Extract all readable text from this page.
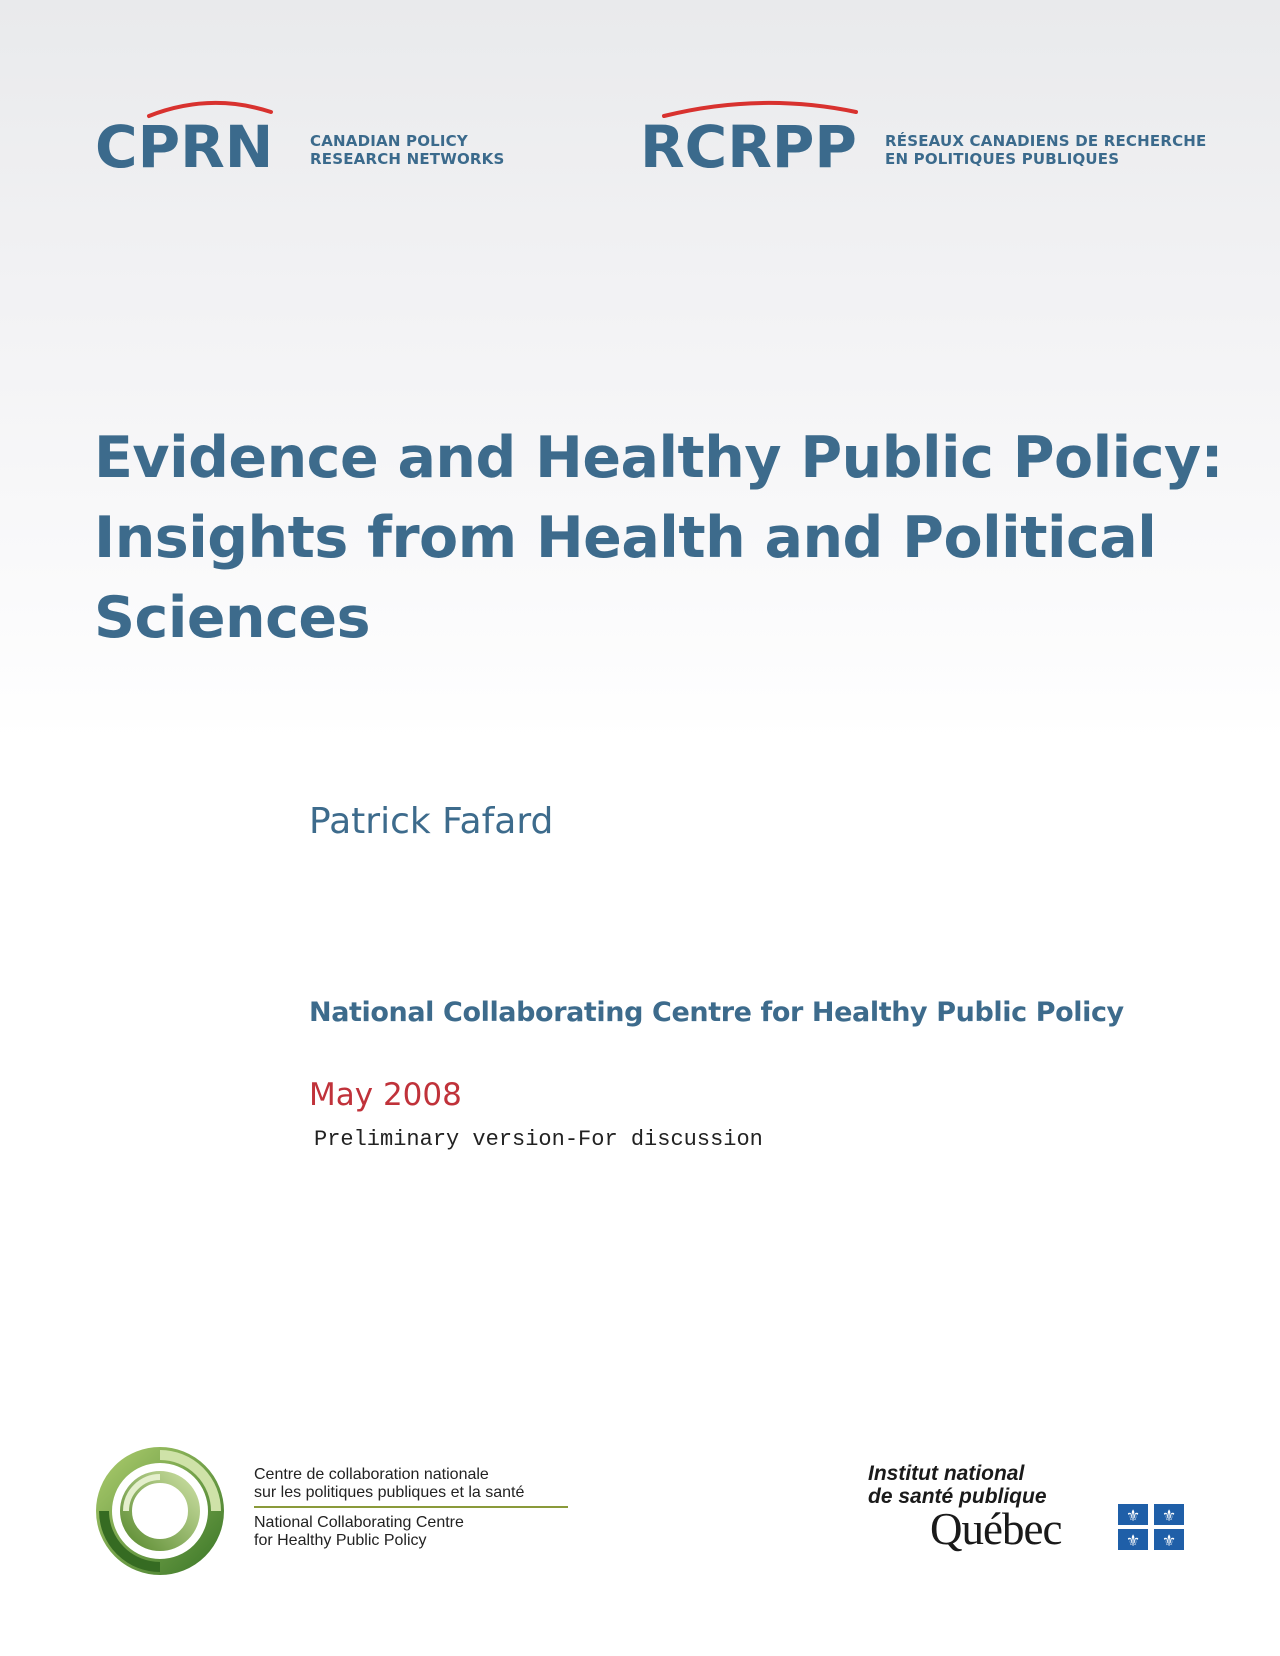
CPRN CANADIAN POLICY
RESEARCH NETWORKS RCRPP RÉSEAUX CANADIENS DE RECHERCHE
EN POLITIQUES PUBLIQUES
Evidence and Healthy Public Policy:
Insights from Health and Political
Sciences
Patrick Fafard
National Collaborating Centre for Healthy Public Policy
May 2008
Preliminary version-For discussion
Centre de collaboration nationale
sur les politiques publiques et la santé
National Collaborating Centre
for Healthy Public Policy
Institut national
de santé publique
Québec	⚜ ⚜
⚜ ⚜
